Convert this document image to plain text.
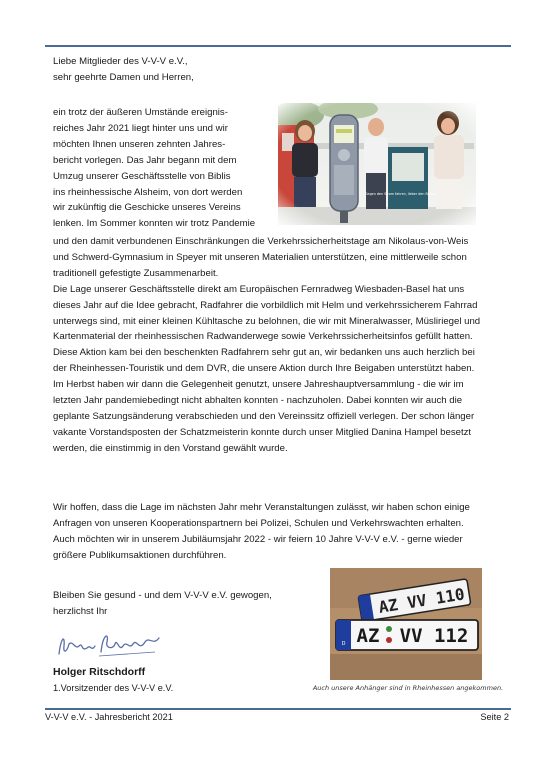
Liebe Mitglieder des V-V-V e.V.,
sehr geehrte Damen und Herren,
ein trotz der äußeren Umstände ereignis-
reiches Jahr 2021 liegt hinter uns und wir
möchten Ihnen unseren zehnten Jahres-
bericht vorlegen. Das Jahr begann mit dem
Umzug unserer Geschäftsstelle von Biblis
ins rheinhessische Alsheim, von dort werden
wir zukünftig die Geschicke unseres Vereins
lenken. Im Sommer konnten wir trotz Pandemie
und den damit verbundenen Einschränkungen die Verkehrssicherheitstage am Nikolaus-von-Weis
und Schwerd-Gymnasium in Speyer mit unseren Materialien unterstützen, eine mittlerweile schon
traditionell gefestigte Zusammenarbeit.
Die Lage unserer Geschäftsstelle direkt am Europäischen Fernradweg Wiesbaden-Basel hat uns
dieses Jahr auf die Idee gebracht, Radfahrer die vorbildlich mit Helm und verkehrssicherem Fahrrad
unterwegs sind, mit einer kleinen Kühltasche zu belohnen, die wir mit Mineralwasser, Müsliriegel und
Kartenmaterial der rheinhessischen Radwanderwege sowie Verkehrssicherheitsinfos gefüllt hatten.
Diese Aktion kam bei den beschenkten Radfahrern sehr gut an, wir bedanken uns auch herzlich bei
der Rheinhessen-Touristik und dem DVR, die unsere Aktion durch Ihre Beigaben unterstützt haben.
Im Herbst haben wir dann die Gelegenheit genutzt, unsere Jahreshauptversammlung - die wir im
letzten Jahr pandemiebedingt nicht abhalten konnten - nachzuholen. Dabei konnten wir auch die
geplante Satzungsänderung verabschieden und den Vereinssitz offiziell verlegen. Der schon länger
vakante Vorstandsposten der Schatzmeisterin konnte durch unser Mitglied Danina Hampel besetzt
werden, die einstimmig in den Vorstand gewählt wurde.
Wir hoffen, dass die Lage im nächsten Jahr mehr Veranstaltungen zulässt, wir haben schon einige
Anfragen von unseren Kooperationspartnern bei Polizei, Schulen und Verkehrswachten erhalten.
Auch möchten wir in unserem Jubiläumsjahr 2022 - wir feiern 10 Jahre V-V-V e.V. - gerne wieder
größere Publikumsaktionen durchführen.
Bleiben Sie gesund - und dem V-V-V e.V. gewogen,
herzlichst Ihr	AZ VV 110
D AZ VV 112
Auch unsere Anhänger sind in Rheinhessen angekommen.
Holger Ritschdorff
1.Vorsitzender des V-V-V e.V.
V-V-V e.V. - Jahresbericht 2021	Seite 2
